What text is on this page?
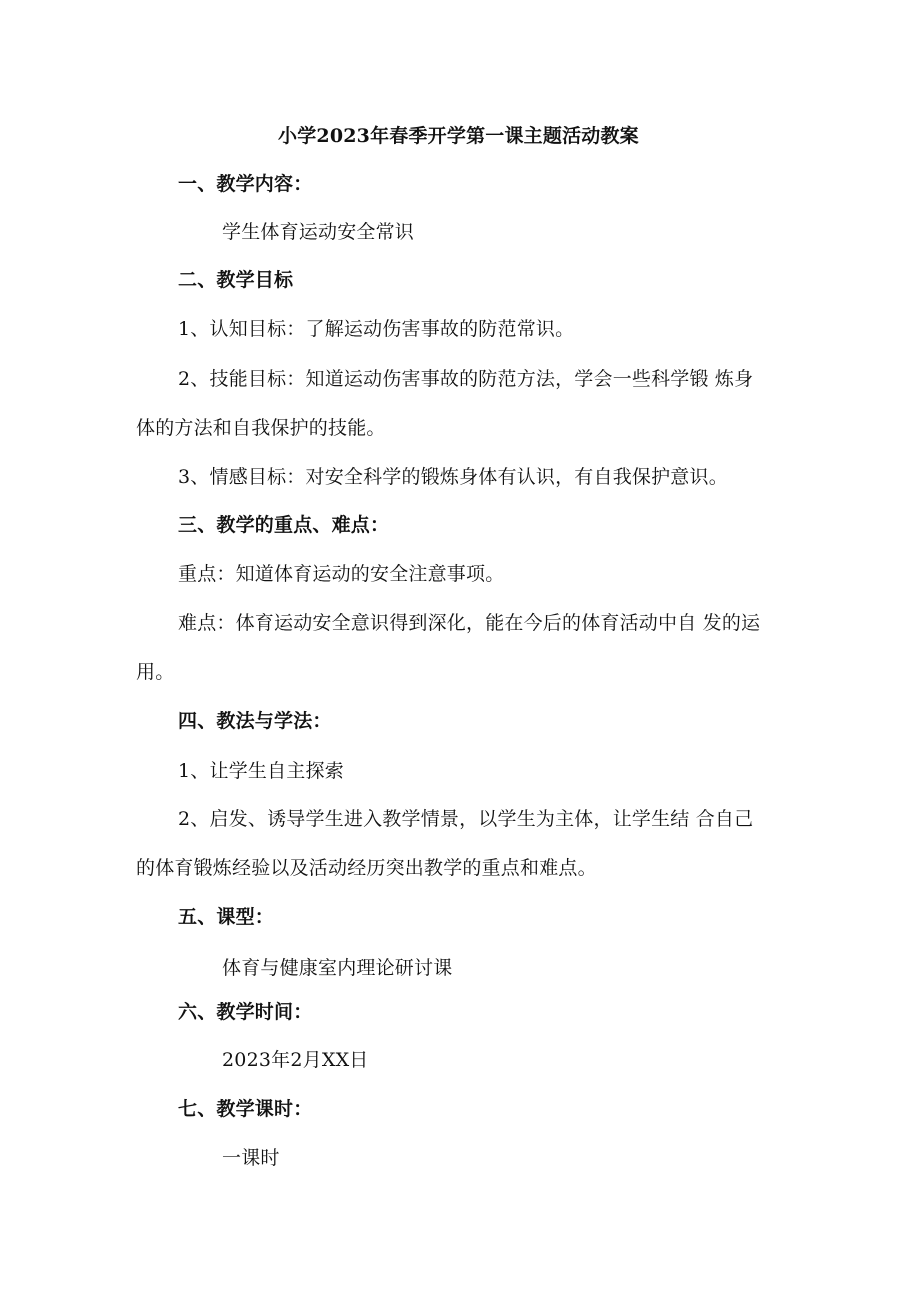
小学2023年春季开学第一课主题活动教案
一、教学内容：
学生体育运动安全常识
二、教学目标
1、认知目标：了解运动伤害事故的防范常识。
2、技能目标：知道运动伤害事故的防范方法，学会一些科学锻 炼身
体的方法和自我保护的技能。
3、情感目标：对安全科学的锻炼身体有认识，有自我保护意识。
三、教学的重点、难点：
重点：知道体育运动的安全注意事项。
难点：体育运动安全意识得到深化，能在今后的体育活动中自 发的运
用。
四、教法与学法：
1、让学生自主探索
2、启发、诱导学生进入教学情景，以学生为主体，让学生结 合自己
的体育锻炼经验以及活动经历突出教学的重点和难点。
五、课型：
体育与健康室内理论研讨课
六、教学时间：
2023年2月XX日
七、教学课时：
一课时
